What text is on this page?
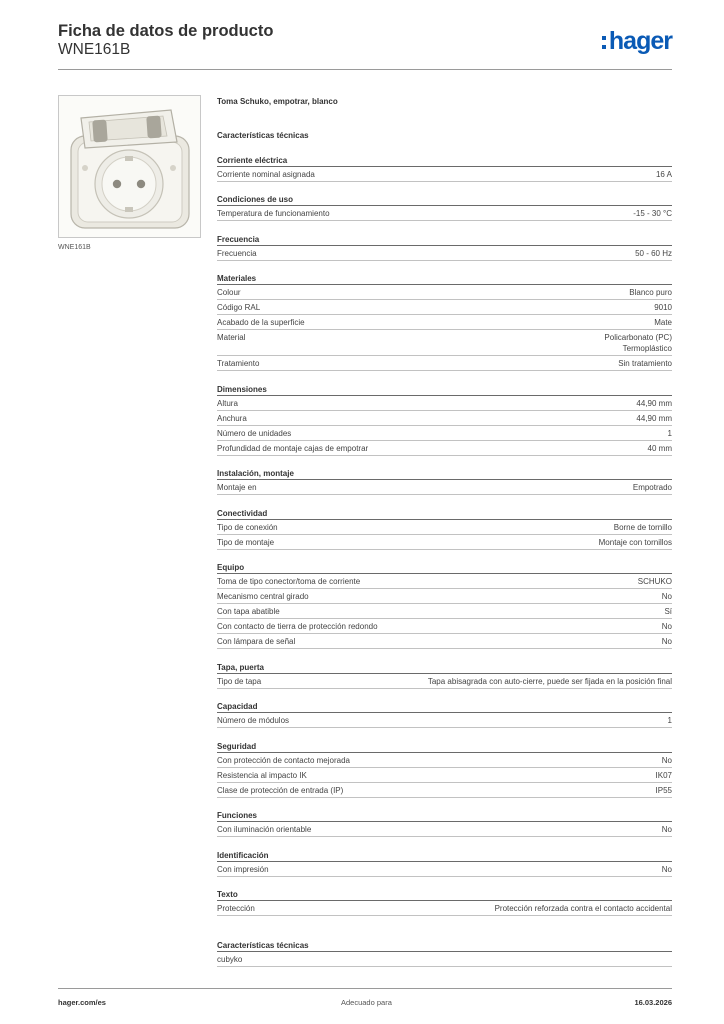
Ficha de datos de producto
WNE161B	hager
WNE161B
Toma Schuko, empotrar, blanco
Características técnicas
Corriente eléctrica
Corriente nominal asignada	16 A
Condiciones de uso
Temperatura de funcionamiento	-15 - 30 °C
Frecuencia
Frecuencia	50 - 60 Hz
Materiales
Colour	Blanco puro
Código RAL	9010
Acabado de la superficie	Mate
Material	Policarbonato (PC)
Termoplástico
Tratamiento	Sin tratamiento
Dimensiones
Altura	44,90 mm
Anchura	44,90 mm
Número de unidades	1
Profundidad de montaje cajas de empotrar	40 mm
Instalación, montaje
Montaje en	Empotrado
Conectividad
Tipo de conexión	Borne de tornillo
Tipo de montaje	Montaje con tornillos
Equipo
Toma de tipo conector/toma de corriente	SCHUKO
Mecanismo central girado	No
Con tapa abatible	Sí
Con contacto de tierra de protección redondo	No
Con lámpara de señal	No
Tapa, puerta
Tipo de tapa	Tapa abisagrada con auto-cierre, puede ser fijada en la posición final
Capacidad
Número de módulos	1
Seguridad
Con protección de contacto mejorada	No
Resistencia al impacto IK	IK07
Clase de protección de entrada (IP)	IP55
Funciones
Con iluminación orientable	No
Identificación
Con impresión	No
Texto
Protección	Protección reforzada contra el contacto accidental
Características técnicas
cubyko
hager.com/es	Adecuado para	16.03.2026
